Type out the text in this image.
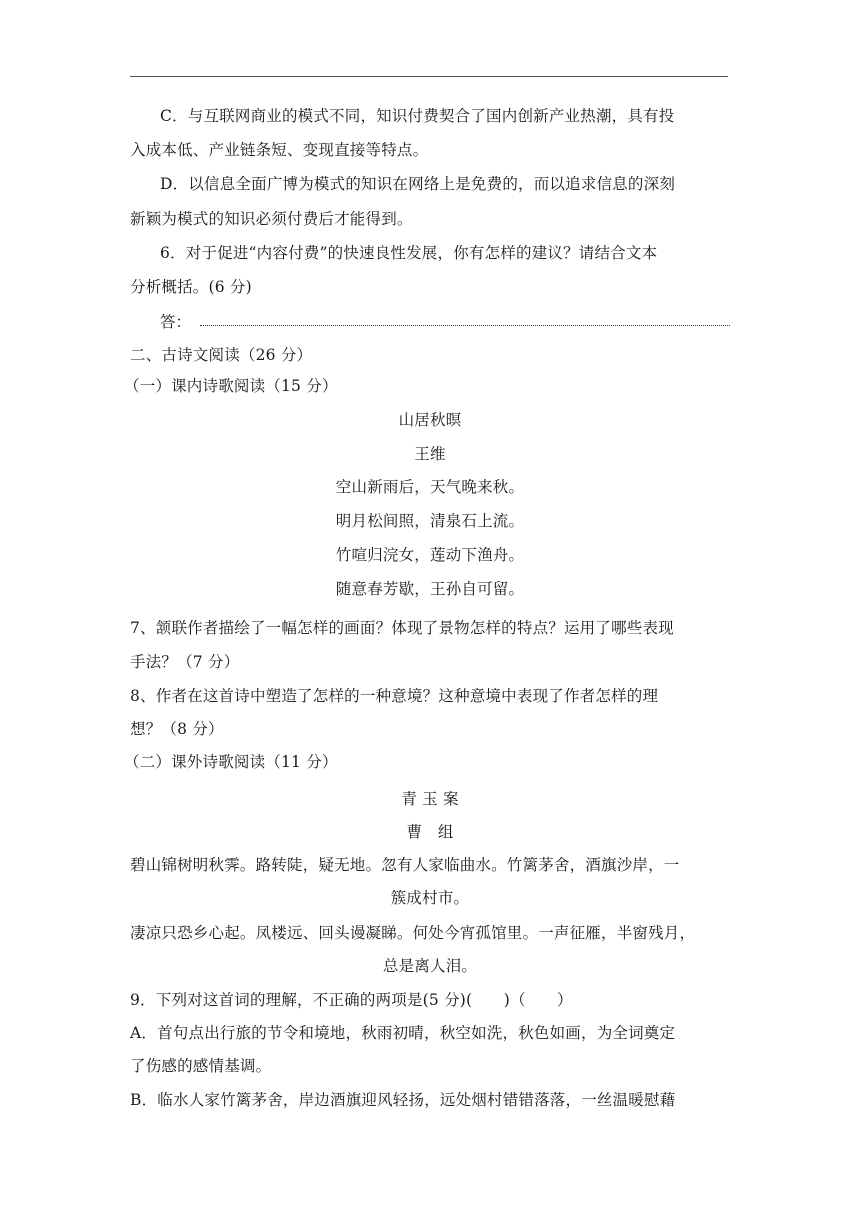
C．与互联网商业的模式不同，知识付费契合了国内创新产业热潮，具有投
入成本低、产业链条短、变现直接等特点。
D．以信息全面广博为模式的知识在网络上是免费的，而以追求信息的深刻
新颖为模式的知识必须付费后才能得到。
6．对于促进“内容付费”的快速良性发展，你有怎样的建议？请结合文本
分析概括。(6 分)
答：
二、古诗文阅读（26 分）
（一）课内诗歌阅读（15 分）
山居秋暝
王维
空山新雨后，天气晚来秋。
明月松间照，清泉石上流。
竹喧归浣女，莲动下渔舟。
随意春芳歇，王孙自可留。
7、颔联作者描绘了一幅怎样的画面？体现了景物怎样的特点？运用了哪些表现
手法？（7 分）
8、作者在这首诗中塑造了怎样的一种意境？这种意境中表现了作者怎样的理
想？（8 分）
（二）课外诗歌阅读（11 分）
青 玉 案
曹　组
碧山锦树明秋霁。路转陡，疑无地。忽有人家临曲水。竹篱茅舍，酒旗沙岸，一
簇成村市。
凄凉只恐乡心起。凤楼远、回头谩凝睇。何处今宵孤馆里。一声征雁，半窗残月，
总是离人泪。
9．下列对这首词的理解，不正确的两项是(5 分)(　　)（　　）
A．首句点出行旅的节令和境地，秋雨初晴，秋空如洗，秋色如画，为全词奠定
了伤感的感情基调。
B．临水人家竹篱茅舍，岸边酒旗迎风轻扬，远处烟村错错落落，一丝温暖慰藉
